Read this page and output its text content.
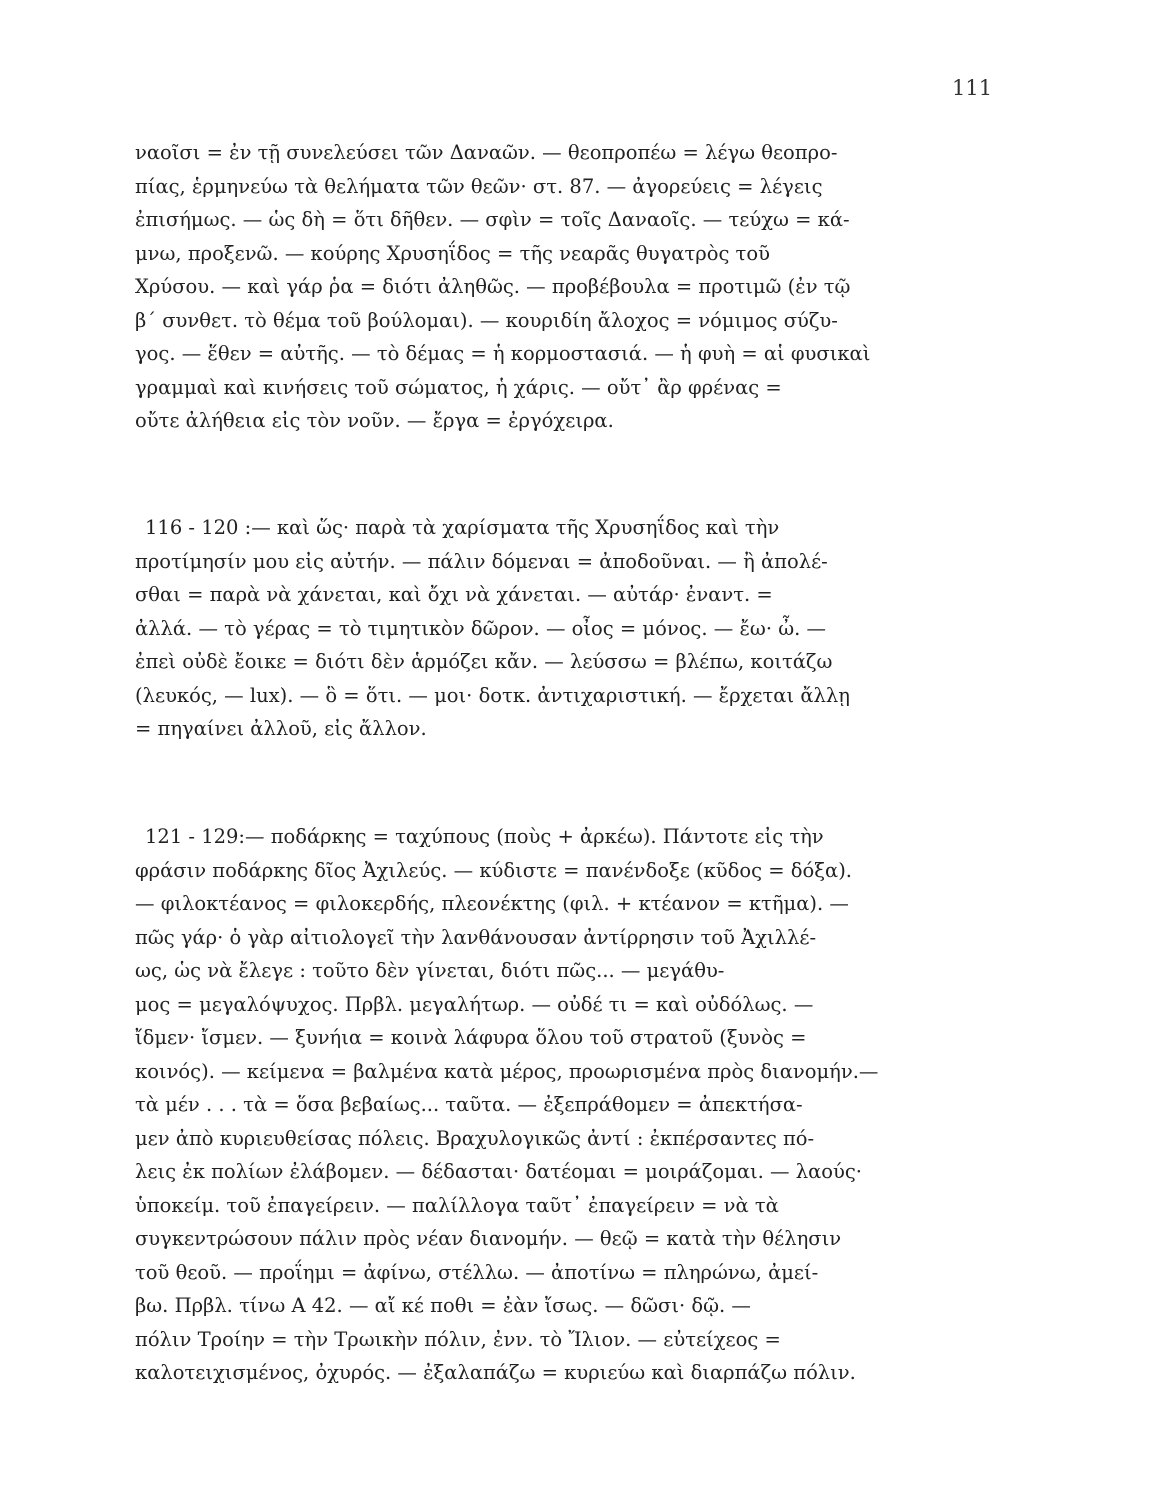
111
ναοῖσι = ἐν τῇ συνελεύσει τῶν Δαναῶν. — θεοπροπέω = λέγω θεοπρο-
πίας, ἑρμηνεύω τὰ θελήματα τῶν θεῶν· στ. 87. — ἀγορεύεις = λέγεις
ἐπισήμως. — ὡς δὴ = ὅτι δῆθεν. — σφὶν = τοῖς Δαναοῖς. — τεύχω = κά-
μνω, προξενῶ. — κούρης Χρυσηΐδος = τῆς νεαρᾶς θυγατρὸς τοῦ
Χρύσου. — καὶ γάρ ῥα = διότι ἀληθῶς. — προβέβουλα = προτιμῶ (ἐν τῷ
β΄ συνθετ. τὸ θέμα τοῦ βούλομαι). — κουριδίη ἄλοχος = νόμιμος σύζυ-
γος. — ἕθεν = αὐτῆς. — τὸ δέμας = ἡ κορμοστασιά. — ἡ φυὴ = αἱ φυσικαὶ
γραμμαὶ καὶ κινήσεις τοῦ σώματος, ἡ χάρις. — οὔτ᾽ ἂρ φρένας =
οὔτε ἀλήθεια εἰς τὸν νοῦν. — ἔργα = ἐργόχειρα.
116 - 120 :— καὶ ὥς· παρὰ τὰ χαρίσματα τῆς Χρυσηΐδος καὶ τὴν
προτίμησίν μου εἰς αὐτήν. — πάλιν δόμεναι = ἀποδοῦναι. — ἢ ἀπολέ-
σθαι = παρὰ νὰ χάνεται, καὶ ὄχι νὰ χάνεται. — αὐτάρ· ἐναντ. =
ἀλλά. — τὸ γέρας = τὸ τιμητικὸν δῶρον. — οἶος = μόνος. — ἔω· ὦ. —
ἐπεὶ οὐδὲ ἔοικε = διότι δὲν ἁρμόζει κἄν. — λεύσσω = βλέπω, κοιτάζω
(λευκός, — lux). — ὃ = ὅτι. — μοι· δοτκ. ἀντιχαριστική. — ἔρχεται ἄλλῃ
= πηγαίνει ἀλλοῦ, εἰς ἄλλον.
121 - 129:— ποδάρκης = ταχύπους (ποὺς + ἀρκέω). Πάντοτε εἰς τὴν
φράσιν ποδάρκης δῖος Ἀχιλεύς. — κύδιστε = πανένδοξε (κῦδος = δόξα).
— φιλοκτέανος = φιλοκερδής, πλεονέκτης (φιλ. + κτέανον = κτῆμα). —
πῶς γάρ· ὁ γὰρ αἰτιολογεῖ τὴν λανθάνουσαν ἀντίρρησιν τοῦ Ἀχιλλέ-
ως, ὡς νὰ ἔλεγε : τοῦτο δὲν γίνεται, διότι πῶς... — μεγάθυ-
μος = μεγαλόψυχος. Πρβλ. μεγαλήτωρ. — οὐδέ τι = καὶ οὐδόλως. —
ἴδμεν· ἴσμεν. — ξυνήια = κοινὰ λάφυρα ὅλου τοῦ στρατοῦ (ξυνὸς =
κοινός). — κείμενα = βαλμένα κατὰ μέρος, προωρισμένα πρὸς διανομήν.—
τὰ μέν . . . τὰ = ὅσα βεβαίως... ταῦτα. — ἐξεπράθομεν = ἀπεκτήσα-
μεν ἀπὸ κυριευθείσας πόλεις. Βραχυλογικῶς ἀντί : ἐκπέρσαντες πό-
λεις ἐκ πολίων ἐλάβομεν. — δέδασται· δατέομαι = μοιράζομαι. — λαούς·
ὑποκείμ. τοῦ ἐπαγείρειν. — παλίλλογα ταῦτ᾽ ἐπαγείρειν = νὰ τὰ
συγκεντρώσουν πάλιν πρὸς νέαν διανομήν. — θεῷ = κατὰ τὴν θέλησιν
τοῦ θεοῦ. — προΐημι = ἀφίνω, στέλλω. — ἀποτίνω = πληρώνω, ἀμεί-
βω. Πρβλ. τίνω Α 42. — αἴ κέ ποθι = ἐὰν ἴσως. — δῶσι· δῷ. —
πόλιν Τροίην = τὴν Τρωικὴν πόλιν, ἐνν. τὸ Ἴλιον. — εὐτείχεος =
καλοτειχισμένος, ὀχυρός. — ἐξαλαπάζω = κυριεύω καὶ διαρπάζω πόλιν.
